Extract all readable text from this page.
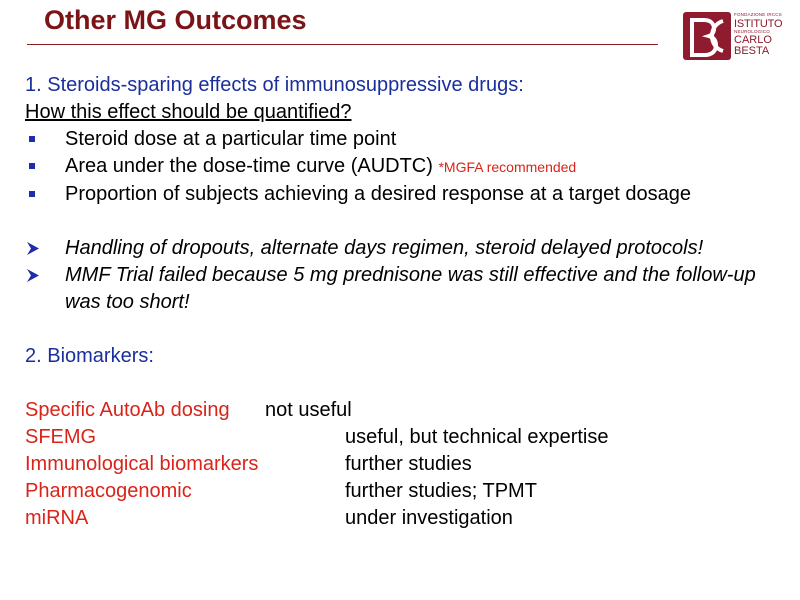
Other MG Outcomes	FONDAZIONE IRCCS
ISTITUTO
NEUROLOGICO
CARLO
BESTA

1. Steroids-sparing effects of immunosuppressive drugs:

How this effect should be quantified?

Steroid dose at a particular time point

Area under the dose-time curve (AUDTC) *MGFA recommended

Proportion of subjects achieving a desired response at a target dosage

Handling of dropouts, alternate days regimen, steroid delayed protocols!

MMF Trial failed because 5 mg prednisone was still effective and the follow-up was too short!

2. Biomarkers:

Specific AutoAb dosing not useful
SFEMG	useful, but technical expertise
Immunological biomarkers	further studies
Pharmacogenomic	further studies; TPMT
miRNA	under investigation
